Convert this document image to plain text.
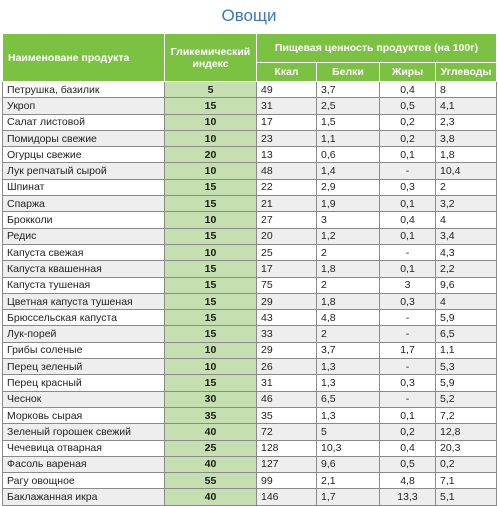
Овощи
Наименоване продукта	Гликемический индекс	Пищевая ценность продуктов (на 100г)			
		Ккал	Белки	Жиры	Углеводы
Петрушка, базилик	5	49	3,7	0,4	8
Укроп	15	31	2,5	0,5	4,1
Салат листовой	10	17	1,5	0,2	2,3
Помидоры свежие	10	23	1,1	0,2	3,8
Огурцы свежие	20	13	0,6	0,1	1,8
Лук репчатый сырой	10	48	1,4	-	10,4
Шпинат	15	22	2,9	0,3	2
Спаржа	15	21	1,9	0,1	3,2
Брокколи	10	27	3	0,4	4
Редис	15	20	1,2	0,1	3,4
Капуста свежая	10	25	2	-	4,3
Капуста квашенная	15	17	1,8	0,1	2,2
Капуста тушеная	15	75	2	3	9,6
Цветная капуста тушеная	15	29	1,8	0,3	4
Брюссельская капуста	15	43	4,8	-	5,9
Лук-порей	15	33	2	-	6,5
Грибы соленые	10	29	3,7	1,7	1,1
Перец зеленый	10	26	1,3	-	5,3
Перец красный	15	31	1,3	0,3	5,9
Чеснок	30	46	6,5	-	5,2
Морковь сырая	35	35	1,3	0,1	7,2
Зеленый горошек свежий	40	72	5	0,2	12,8
Чечевица отварная	25	128	10,3	0,4	20,3
Фасоль вареная	40	127	9,6	0,5	0,2
Рагу овощное	55	99	2,1	4,8	7,1
Баклажанная икра	40	146	1,7	13,3	5,1
